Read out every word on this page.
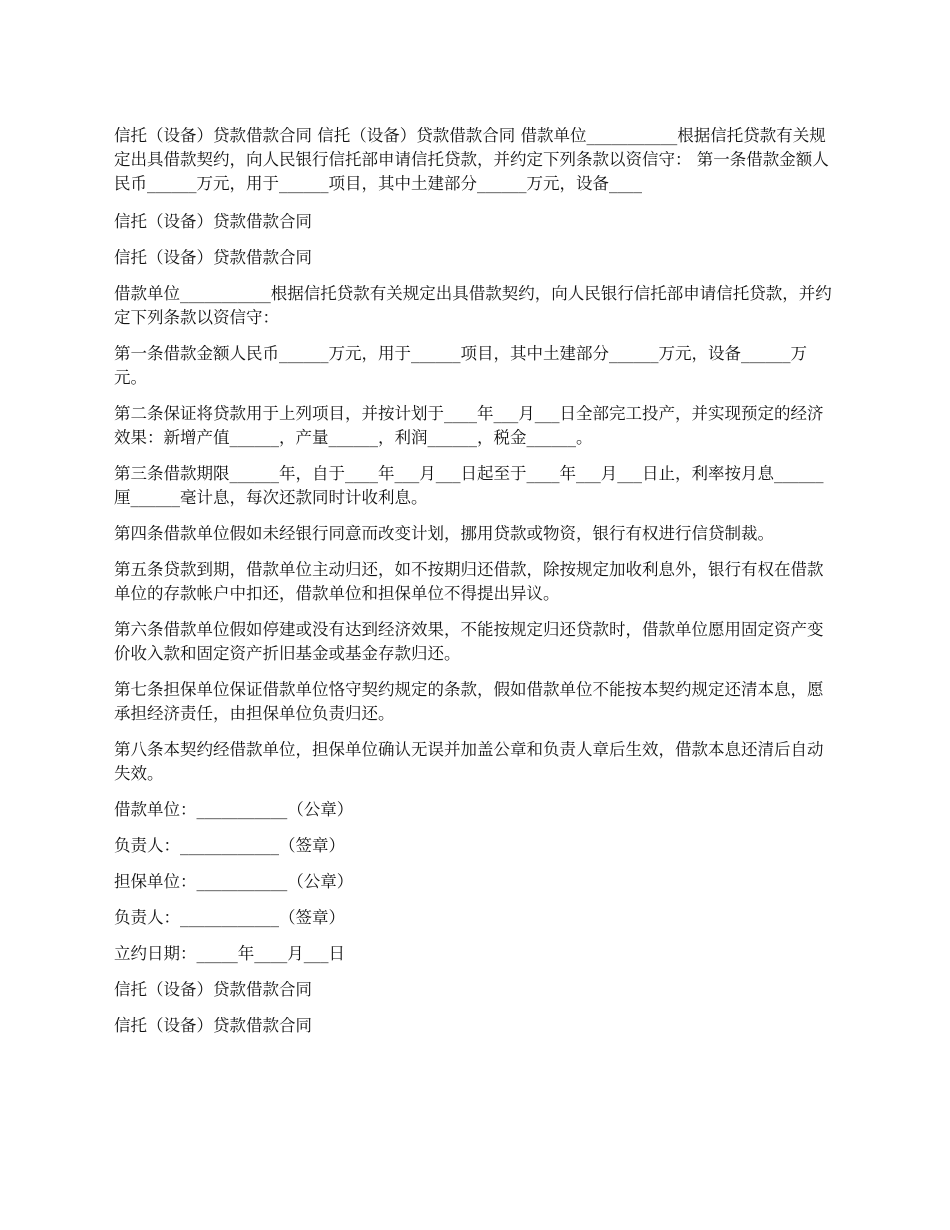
信托（设备）贷款借款合同 信托（设备）贷款借款合同 借款单位___________根据信托贷款有关规定出具借款契约，向人民银行信托部申请信托贷款，并约定下列条款以资信守： 第一条借款金额人民币______万元，用于______项目，其中土建部分______万元，设备____

信托（设备）贷款借款合同

信托（设备）贷款借款合同

借款单位___________根据信托贷款有关规定出具借款契约，向人民银行信托部申请信托贷款，并约定下列条款以资信守：

第一条借款金额人民币______万元，用于______项目，其中土建部分______万元，设备______万元。

第二条保证将贷款用于上列项目，并按计划于____年___月___日全部完工投产，并实现预定的经济效果：新增产值______，产量______，利润______，税金______。

第三条借款期限______年，自于____年___月___日起至于____年___月___日止，利率按月息______厘______毫计息，每次还款同时计收利息。

第四条借款单位假如未经银行同意而改变计划，挪用贷款或物资，银行有权进行信贷制裁。

第五条贷款到期，借款单位主动归还，如不按期归还借款，除按规定加收利息外，银行有权在借款单位的存款帐户中扣还，借款单位和担保单位不得提出异议。

第六条借款单位假如停建或没有达到经济效果，不能按规定归还贷款时，借款单位愿用固定资产变价收入款和固定资产折旧基金或基金存款归还。

第七条担保单位保证借款单位恪守契约规定的条款，假如借款单位不能按本契约规定还清本息，愿承担经济责任，由担保单位负责归还。

第八条本契约经借款单位，担保单位确认无误并加盖公章和负责人章后生效，借款本息还清后自动失效。

借款单位：___________（公章）

负责人：____________（签章）

担保单位：___________（公章）

负责人：____________（签章）

立约日期：_____年____月___日

信托（设备）贷款借款合同

信托（设备）贷款借款合同
